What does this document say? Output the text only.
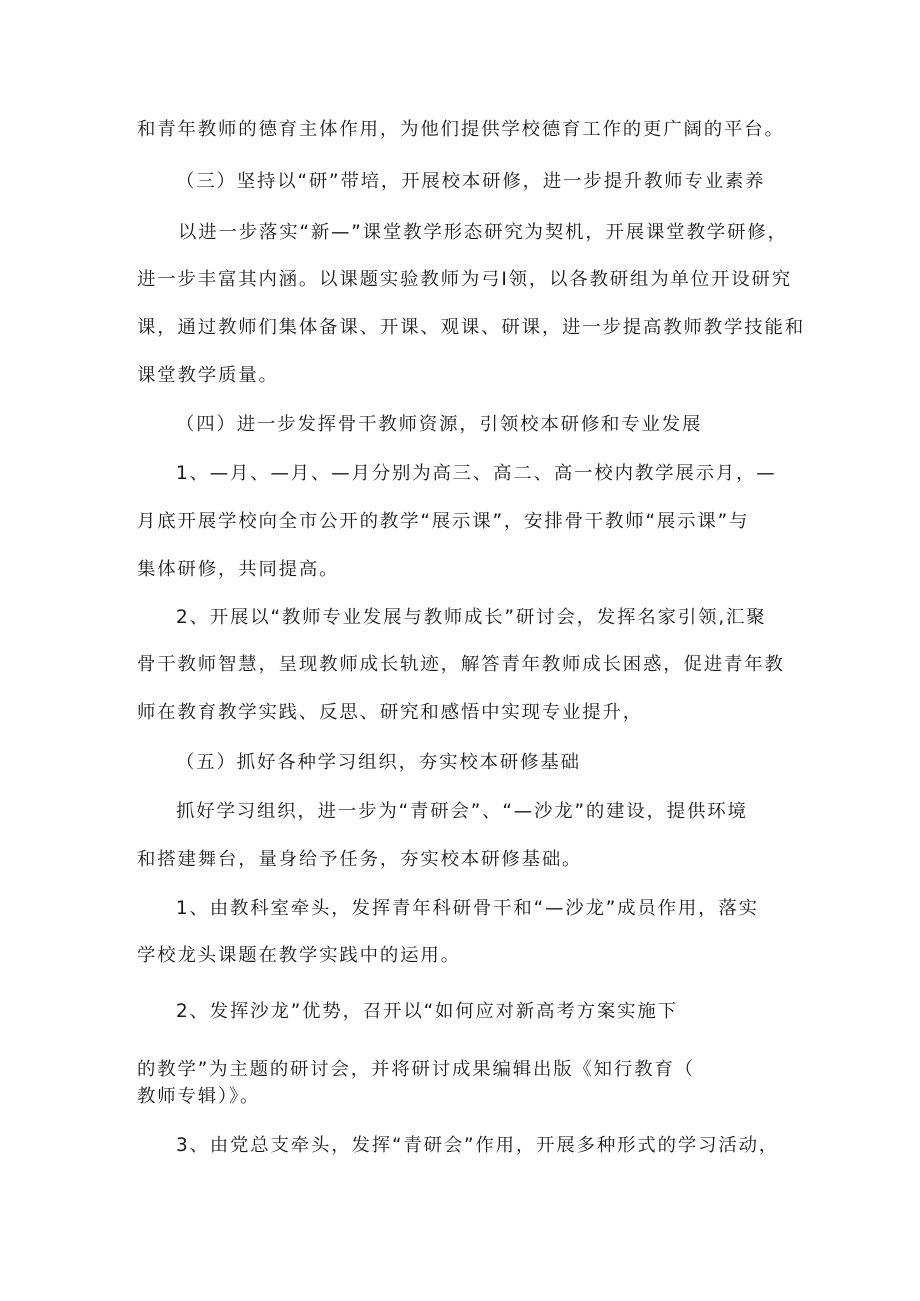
和青年教师的德育主体作用，为他们提供学校德育工作的更广阔的平台。

（三）坚持以“研”带培，开展校本研修，进一步提升教师专业素养

以进一步落实“新—”课堂教学形态研究为契机，开展课堂教学研修，

进一步丰富其内涵。以课题实验教师为弓I领，以各教研组为单位开设研究

课，通过教师们集体备课、开课、观课、研课，进一步提高教师教学技能和

课堂教学质量。

（四）进一步发挥骨干教师资源，引领校本研修和专业发展

1、—月、—月、—月分别为高三、高二、高一校内教学展示月，—

月底开展学校向全市公开的教学“展示课”，安排骨干教师“展示课”与

集体研修，共同提高。

2、开展以“教师专业发展与教师成长”研讨会，发挥名家引领,汇聚

骨干教师智慧，呈现教师成长轨迹，解答青年教师成长困惑，促进青年教

师在教育教学实践、反思、研究和感悟中实现专业提升，

（五）抓好各种学习组织，夯实校本研修基础

抓好学习组织，进一步为“青研会”、“—沙龙”的建设，提供环境

和搭建舞台，量身给予任务，夯实校本研修基础。

1、由教科室牵头，发挥青年科研骨干和“—沙龙”成员作用，落实

学校龙头课题在教学实践中的运用。

2、发挥沙龙”优势，召开以“如何应对新高考方案实施下

的教学”为主题的研讨会，并将研讨成果编辑出版《知行教育（

教师专辑）》。

3、由党总支牵头，发挥“青研会”作用，开展多种形式的学习活动，
